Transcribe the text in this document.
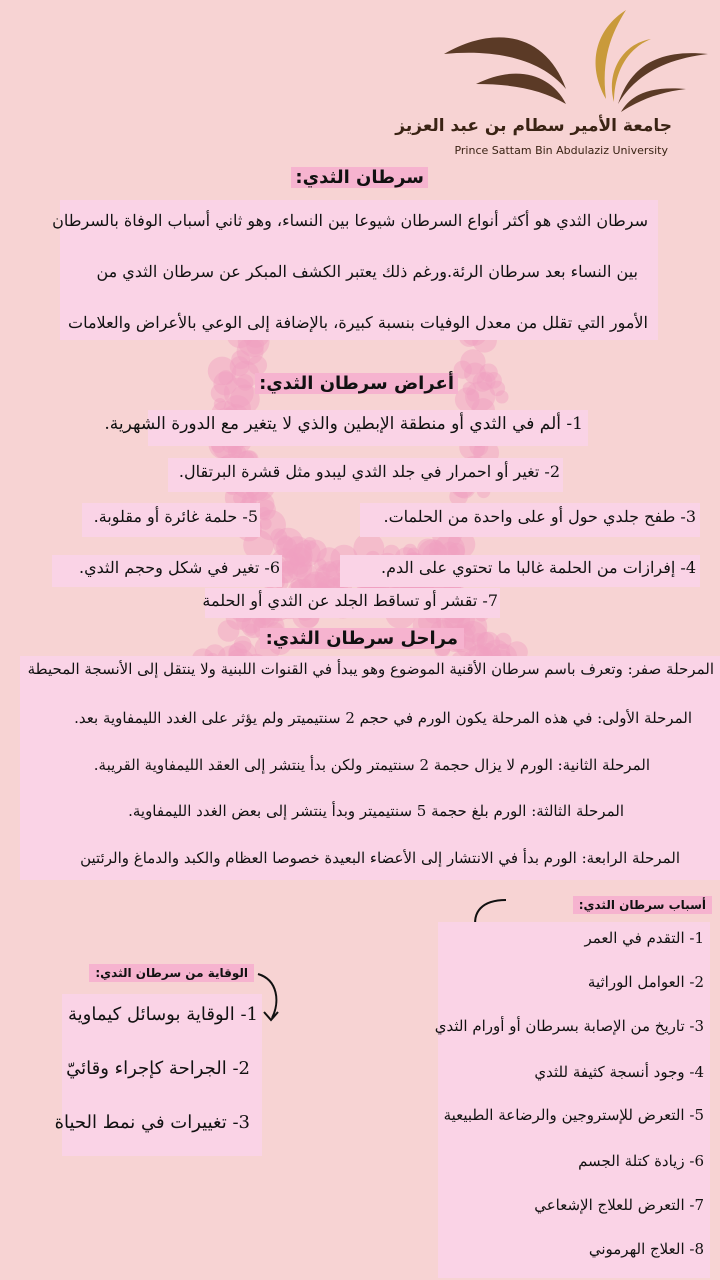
جامعة الأمير سطام بن عبد العزيز
Prince Sattam Bin Abdulaziz University
سرطان الثدي:
سرطان الثدي هو أكثر أنواع السرطان شيوعا بين النساء، وهو ثاني أسباب الوفاة بالسرطان
بين النساء بعد سرطان الرئة.ورغم ذلك يعتبر الكشف المبكر عن سرطان الثدي من
الأمور التي تقلل من معدل الوفيات بنسبة كبيرة، بالإضافة إلى الوعي بالأعراض والعلامات
أعراض سرطان الثدي:
1- ألم في الثدي أو منطقة الإبطين والذي لا يتغير مع الدورة الشهرية.
2- تغير أو احمرار في جلد الثدي ليبدو مثل قشرة البرتقال.
3- طفح جلدي حول أو على واحدة من الحلمات.
5- حلمة غائرة أو مقلوبة.
4- إفرازات من الحلمة غالبا ما تحتوي على الدم.
6- تغير في شكل وحجم الثدي.
7- تقشر أو تساقط الجلد عن الثدي أو الحلمة
مراحل سرطان الثدي:
المرحلة صفر: وتعرف باسم سرطان الأقنية الموضوع وهو يبدأ في القنوات اللبنية ولا ينتقل إلى الأنسجة المحيطة
المرحلة الأولى: في هذه المرحلة يكون الورم في حجم 2 سنتيميتر ولم يؤثر على الغدد الليمفاوية بعد.
المرحلة الثانية: الورم لا يزال حجمة 2 سنتيمتر ولكن بدأ ينتشر إلى العقد الليمفاوية القريبة.
المرحلة الثالثة: الورم بلغ حجمة 5 سنتيميتر وبدأ ينتشر إلى بعض الغدد الليمفاوية.
المرحلة الرابعة: الورم بدأ في الانتشار إلى الأعضاء البعيدة خصوصا العظام والكبد والدماغ والرئتين
أسباب سرطان الثدي:
1- التقدم في العمر
2- العوامل الوراثية
3- تاريخ من الإصابة بسرطان أو أورام الثدي
4- وجود أنسجة كثيفة للثدي
5- التعرض للإستروجين والرضاعة الطبيعية
6- زيادة كتلة الجسم
7- التعرض للعلاج الإشعاعي
8- العلاج الهرموني
الوقاية من سرطان الثدي:
1- الوقاية بوسائل كيماوية
2- الجراحة كإجراء وقائيّ
3- تغييرات في نمط الحياة
